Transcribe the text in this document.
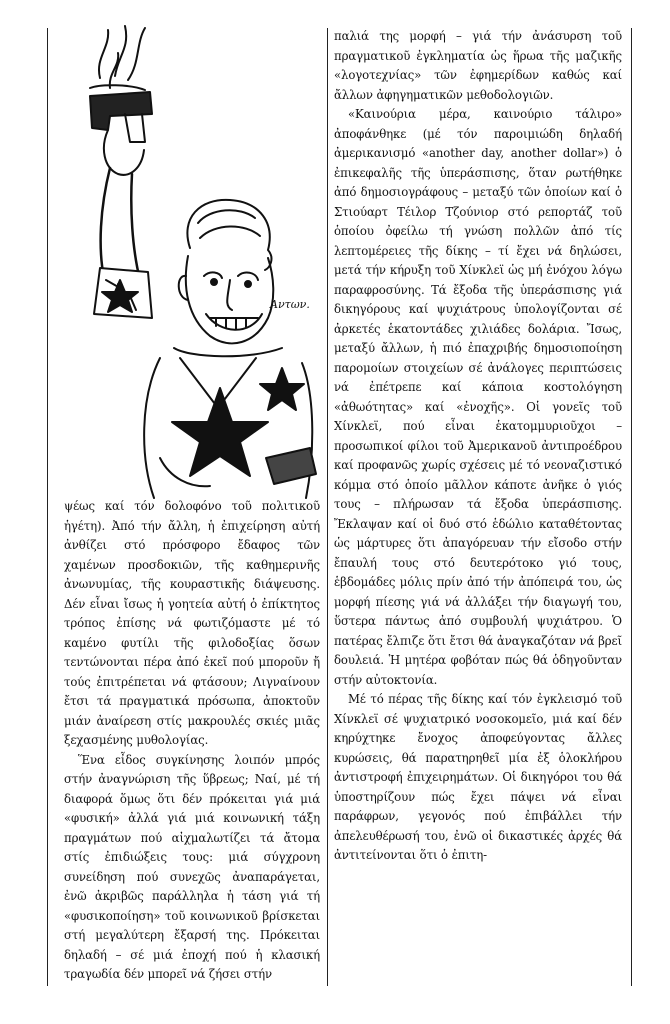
Ἀντων.

ψέως καί τόν δολοφόνο τοῦ πολιτικοῦ ἡγέτη). Ἀπό τήν ἄλλη, ἡ ἐπιχείρηση αὐτή ἀνθίζει στό πρόσφορο ἔδαφος τῶν χαμένων προσδοκιῶν, τῆς καθημερινῆς ἀνωνυμίας, τῆς κουραστικῆς διάψευσης. Δέν εἶναι ἴσως ἡ γοητεία αὐτή ὁ ἐπίκτητος τρόπος ἐπίσης νά φωτιζόμαστε μέ τό καμένο φυτίλι τῆς φιλοδοξίας ὅσων τεντώνονται πέρα ἀπό ἐκεῖ πού μποροῦν ἤ τούς ἐπιτρέπεται νά φτάσουν; Λιγναίνουν ἔτσι τά πραγματικά πρόσωπα, ἀποκτοῦν μιάν ἀναίρεση στίς μακρουλές σκιές μιᾶς ξεχασμένης μυθολογίας.

Ἕνα εἶδος συγκίνησης λοιπόν μπρός στήν ἀναγνώριση τῆς ὕβρεως; Ναί, μέ τή διαφορά ὅμως ὅτι δέν πρόκειται γιά μιά «φυσική» ἀλλά γιά μιά κοινωνική τάξη πραγμάτων πού αἰχμαλωτίζει τά ἄτομα στίς ἐπιδιώξεις τους: μιά σύγχρονη συνείδηση πού συνεχῶς ἀναπαράγεται, ἐνῶ ἀκριβῶς παράλληλα ἡ τάση γιά τή «φυσικοποίηση» τοῦ κοινωνικοῦ βρίσκεται στή μεγαλύτερη ἔξαρσή της. Πρόκειται δηλαδή – σέ μιά ἐποχή πού ἡ κλασική τραγωδία δέν μπορεῖ νά ζήσει στήν

παλιά της μορφή – γιά τήν ἀνάσυρση τοῦ πραγματικοῦ ἐγκληματία ὡς ἥρωα τῆς μαζικῆς «λογοτεχνίας» τῶν ἐφημερίδων καθώς καί ἄλλων ἀφηγηματικῶν μεθοδολογιῶν.

«Καινούρια μέρα, καινούριο τάλιρο» ἀποφάνθηκε (μέ τόν παροιμιώδη δηλαδή ἀμερικανισμό «another day, another dollar») ὁ ἐπικεφαλῆς τῆς ὑπεράσπισης, ὅταν ρωτήθηκε ἀπό δημοσιογράφους – μεταξύ τῶν ὁποίων καί ὁ Στιούαρτ Τέιλορ Τζούνιορ στό ρεπορτάζ τοῦ ὁποίου ὀφείλω τή γνώση πολλῶν ἀπό τίς λεπτομέρειες τῆς δίκης – τί ἔχει νά δηλώσει, μετά τήν κήρυξη τοῦ Χίνκλεϊ ὡς μή ἐνόχου λόγω παραφροσύνης. Τά ἔξοδα τῆς ὑπεράσπισης γιά δικηγόρους καί ψυχιάτρους ὑπολογίζονται σέ ἀρκετές ἑκατοντάδες χιλιάδες δολάρια. Ἴσως, μεταξύ ἄλλων, ἡ πιό ἐπαχριβής δημοσιοποίηση παρομοίων στοιχείων σέ ἀνάλογες περιπτώσεις νά ἐπέτρεπε καί κάποια κοστολόγηση «ἀθωότητας» καί «ἐνοχῆς». Οἱ γονεῖς τοῦ Χίνκλεϊ, πού εἶναι ἑκατομμυριοῦχοι – προσωπικοί φίλοι τοῦ Ἀμερικανοῦ ἀντιπροέδρου καί προφανῶς χωρίς σχέσεις μέ τό νεοναζιστικό κόμμα στό ὁποίο μᾶλλον κάποτε ἀνῆκε ὁ γιός τους – πλήρωσαν τά ἔξοδα ὑπεράσπισης. Ἔκλαψαν καί οἱ δυό στό ἑδώλιο καταθέτοντας ὡς μάρτυρες ὅτι ἀπαγόρευαν τήν εἴσοδο στήν ἔπαυλή τους στό δευτερότοκο γιό τους, ἑβδομάδες μόλις πρίν ἀπό τήν ἀπόπειρά του, ὡς μορφή πίεσης γιά νά ἀλλάξει τήν διαγωγή του, ὕστερα πάντως ἀπό συμβουλή ψυχιάτρου. Ὁ πατέρας ἔλπιζε ὅτι ἔτσι θά ἀναγκαζόταν νά βρεῖ δουλειά. Ἡ μητέρα φοβόταν πώς θά ὁδηγοῦνταν στήν αὐτοκτονία.

Μέ τό πέρας τῆς δίκης καί τόν ἐγκλεισμό τοῦ Χίνκλεϊ σέ ψυχιατρικό νοσοκομεῖο, μιά καί δέν κηρύχτηκε ἔνοχος ἀποφεύγοντας ἄλλες κυρώσεις, θά παρατηρηθεῖ μία ἐξ ὁλοκλήρου ἀντιστροφή ἐπιχειρημάτων. Οἱ δικηγόροι του θά ὑποστηρίζουν πώς ἔχει πάψει νά εἶναι παράφρων, γεγονός πού ἐπιβάλλει τήν ἀπελευθέρωσή του, ἐνῶ οἱ δικαστικές ἀρχές θά ἀντιτείνονται ὅτι ὁ ἐπιτη-
